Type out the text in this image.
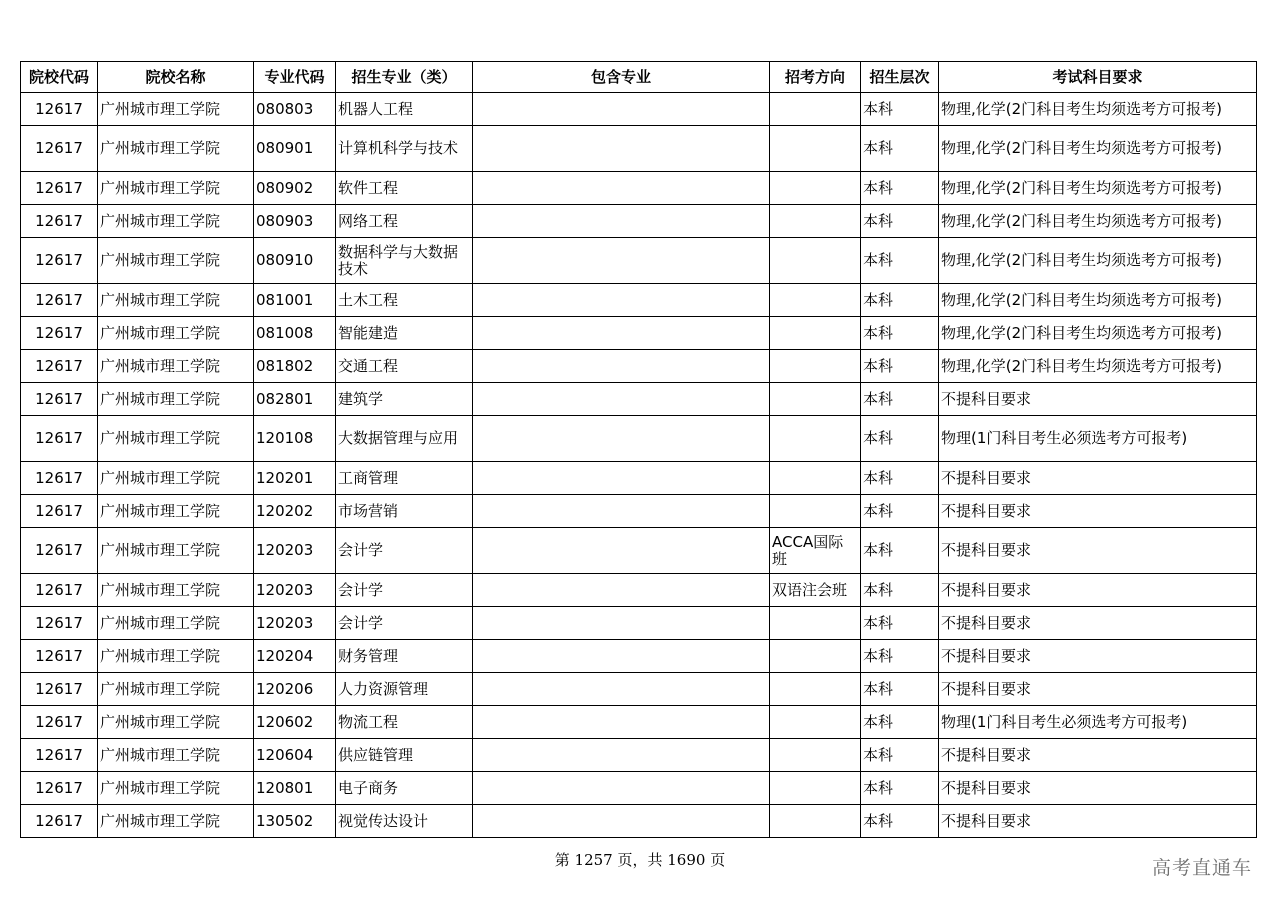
院校代码	院校名称	专业代码	招生专业（类）	包含专业	招考方向	招生层次	考试科目要求
12617	广州城市理工学院	080803	机器人工程			本科	物理,化学(2门科目考生均须选考方可报考)
12617	广州城市理工学院	080901	计算机科学与技术			本科	物理,化学(2门科目考生均须选考方可报考)
12617	广州城市理工学院	080902	软件工程			本科	物理,化学(2门科目考生均须选考方可报考)
12617	广州城市理工学院	080903	网络工程			本科	物理,化学(2门科目考生均须选考方可报考)
12617	广州城市理工学院	080910	数据科学与大数据技术			本科	物理,化学(2门科目考生均须选考方可报考)
12617	广州城市理工学院	081001	土木工程			本科	物理,化学(2门科目考生均须选考方可报考)
12617	广州城市理工学院	081008	智能建造			本科	物理,化学(2门科目考生均须选考方可报考)
12617	广州城市理工学院	081802	交通工程			本科	物理,化学(2门科目考生均须选考方可报考)
12617	广州城市理工学院	082801	建筑学			本科	不提科目要求
12617	广州城市理工学院	120108	大数据管理与应用			本科	物理(1门科目考生必须选考方可报考)
12617	广州城市理工学院	120201	工商管理			本科	不提科目要求
12617	广州城市理工学院	120202	市场营销			本科	不提科目要求
12617	广州城市理工学院	120203	会计学		ACCA国际班	本科	不提科目要求
12617	广州城市理工学院	120203	会计学		双语注会班	本科	不提科目要求
12617	广州城市理工学院	120203	会计学			本科	不提科目要求
12617	广州城市理工学院	120204	财务管理			本科	不提科目要求
12617	广州城市理工学院	120206	人力资源管理			本科	不提科目要求
12617	广州城市理工学院	120602	物流工程			本科	物理(1门科目考生必须选考方可报考)
12617	广州城市理工学院	120604	供应链管理			本科	不提科目要求
12617	广州城市理工学院	120801	电子商务			本科	不提科目要求
12617	广州城市理工学院	130502	视觉传达设计			本科	不提科目要求
第 1257 页，共 1690 页	高考直通车
